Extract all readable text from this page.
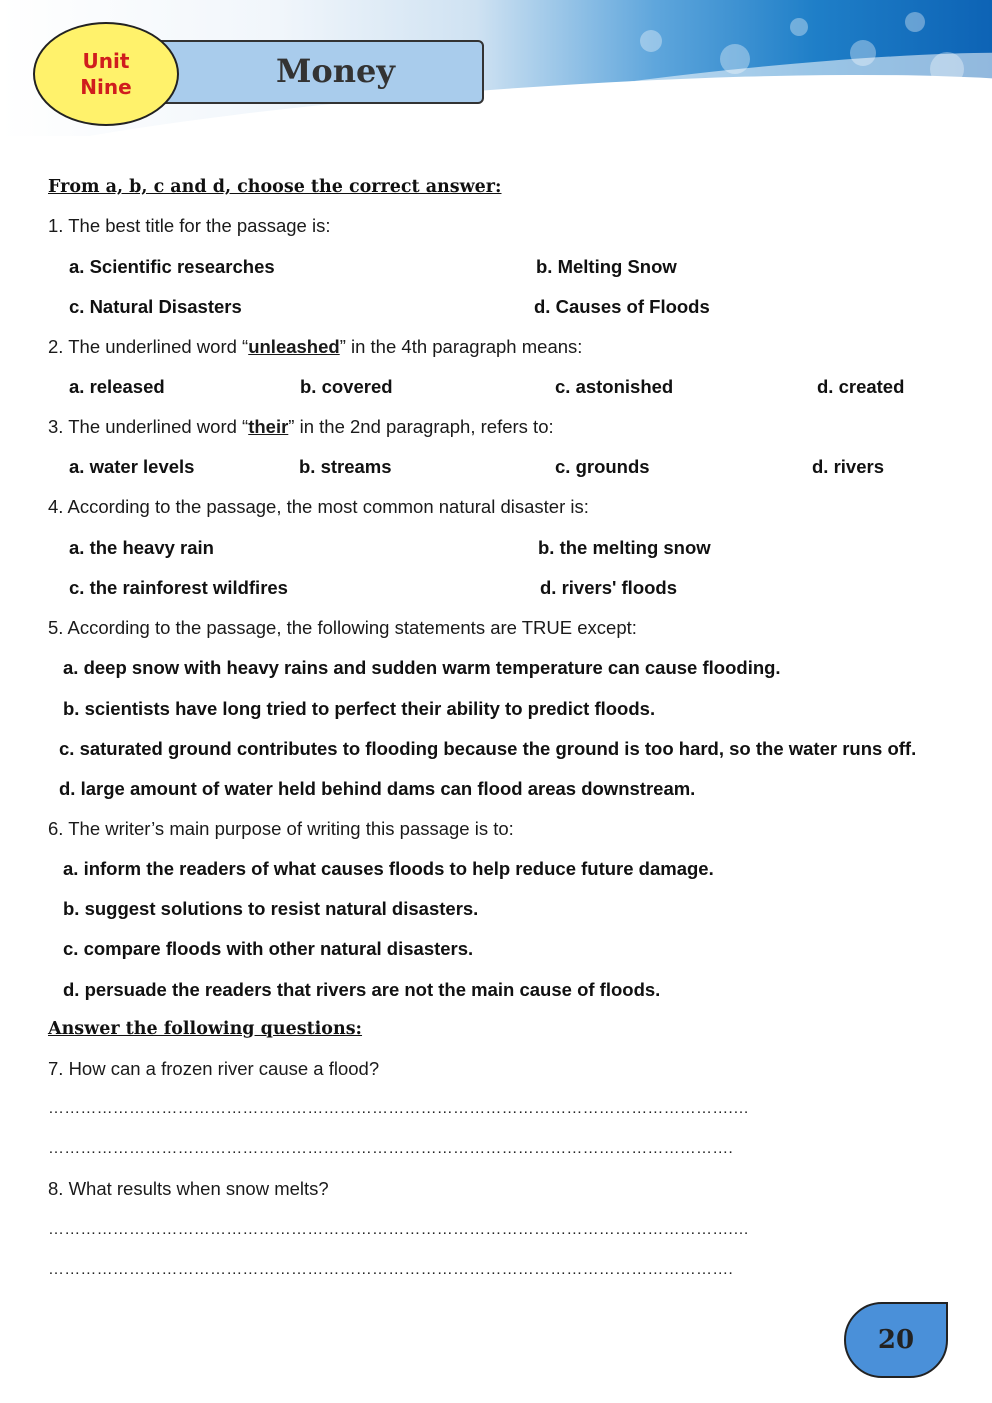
Money
Unit
Nine
From a, b, c and d, choose the correct answer:
1. The best title for the passage is:
a. Scientific researches	b. Melting Snow
c. Natural Disasters	d. Causes of Floods
2. The underlined word “unleashed” in the 4th paragraph means:
a. released	b. covered	c. astonished	d. created
3. The underlined word “their” in the 2nd paragraph, refers to:
a. water levels	b. streams	c. grounds	d. rivers
4. According to the passage, the most common natural disaster is:
a. the heavy rain	b. the melting snow
c. the rainforest wildfires	d. rivers' floods
5. According to the passage, the following statements are TRUE except:
a. deep snow with heavy rains and sudden warm temperature can cause flooding.
b. scientists have long tried to perfect their ability to predict floods.
c. saturated ground contributes to flooding because the ground is too hard, so the water runs off.
d. large amount of water held behind dams can flood areas downstream.
6. The writer’s main purpose of writing this passage is to:
a. inform the readers of what causes floods to help reduce future damage.
b. suggest solutions to resist natural disasters.
c. compare floods with other natural disasters.
d. persuade the readers that rivers are not the main cause of floods.
Answer the following questions:
7. How can a frozen river cause a flood?
……………………………………………………………………………………………………………….…
……………………………………………………………………………………………………………….
8. What results when snow melts?
……………………………………………………………………………………………………………….…
……………………………………………………………………………………………………………….
20
